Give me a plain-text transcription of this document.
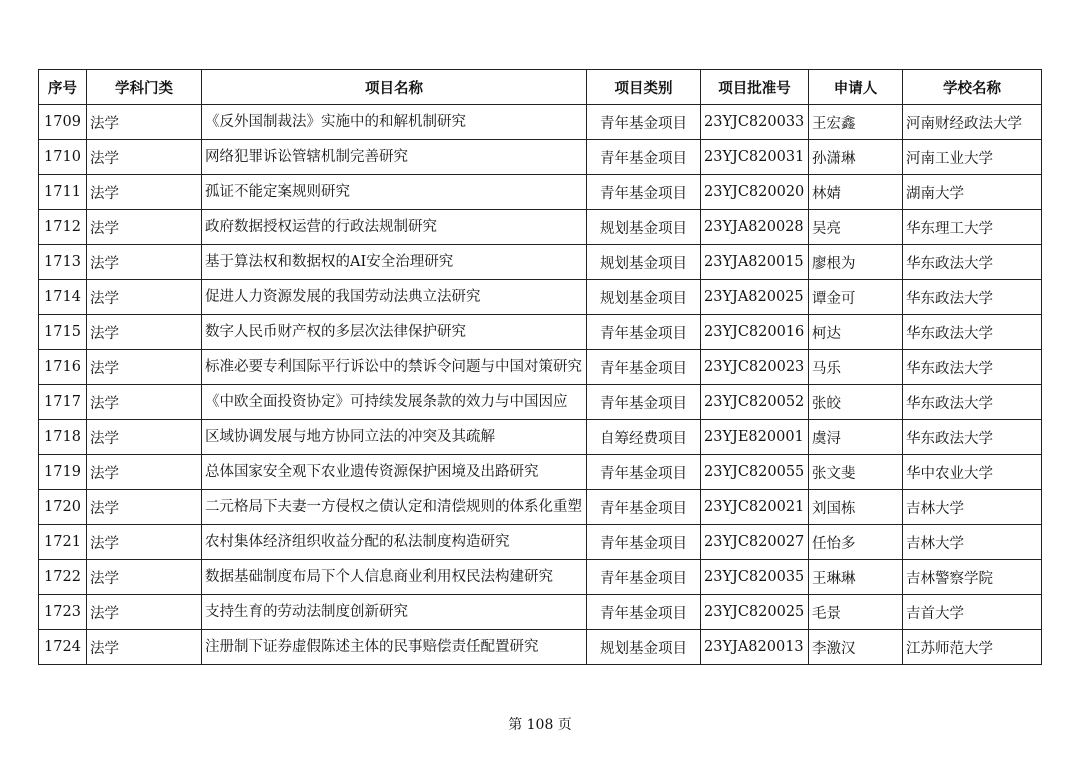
序号	学科门类	项目名称	项目类别	项目批准号	申请人	学校名称
1709	法学	《反外国制裁法》实施中的和解机制研究	青年基金项目	23YJC820033	王宏鑫	河南财经政法大学
1710	法学	网络犯罪诉讼管辖机制完善研究	青年基金项目	23YJC820031	孙潇琳	河南工业大学
1711	法学	孤证不能定案规则研究	青年基金项目	23YJC820020	林婧	湖南大学
1712	法学	政府数据授权运营的行政法规制研究	规划基金项目	23YJA820028	吴亮	华东理工大学
1713	法学	基于算法权和数据权的AI安全治理研究	规划基金项目	23YJA820015	廖根为	华东政法大学
1714	法学	促进人力资源发展的我国劳动法典立法研究	规划基金项目	23YJA820025	谭金可	华东政法大学
1715	法学	数字人民币财产权的多层次法律保护研究	青年基金项目	23YJC820016	柯达	华东政法大学
1716	法学	标准必要专利国际平行诉讼中的禁诉令问题与中国对策研究	青年基金项目	23YJC820023	马乐	华东政法大学
1717	法学	《中欧全面投资协定》可持续发展条款的效力与中国因应	青年基金项目	23YJC820052	张皎	华东政法大学
1718	法学	区域协调发展与地方协同立法的冲突及其疏解	自筹经费项目	23YJE820001	虞浔	华东政法大学
1719	法学	总体国家安全观下农业遗传资源保护困境及出路研究	青年基金项目	23YJC820055	张文斐	华中农业大学
1720	法学	二元格局下夫妻一方侵权之债认定和清偿规则的体系化重塑	青年基金项目	23YJC820021	刘国栋	吉林大学
1721	法学	农村集体经济组织收益分配的私法制度构造研究	青年基金项目	23YJC820027	任怡多	吉林大学
1722	法学	数据基础制度布局下个人信息商业利用权民法构建研究	青年基金项目	23YJC820035	王琳琳	吉林警察学院
1723	法学	支持生育的劳动法制度创新研究	青年基金项目	23YJC820025	毛景	吉首大学
1724	法学	注册制下证券虚假陈述主体的民事赔偿责任配置研究	规划基金项目	23YJA820013	李激汉	江苏师范大学
第 108 页
